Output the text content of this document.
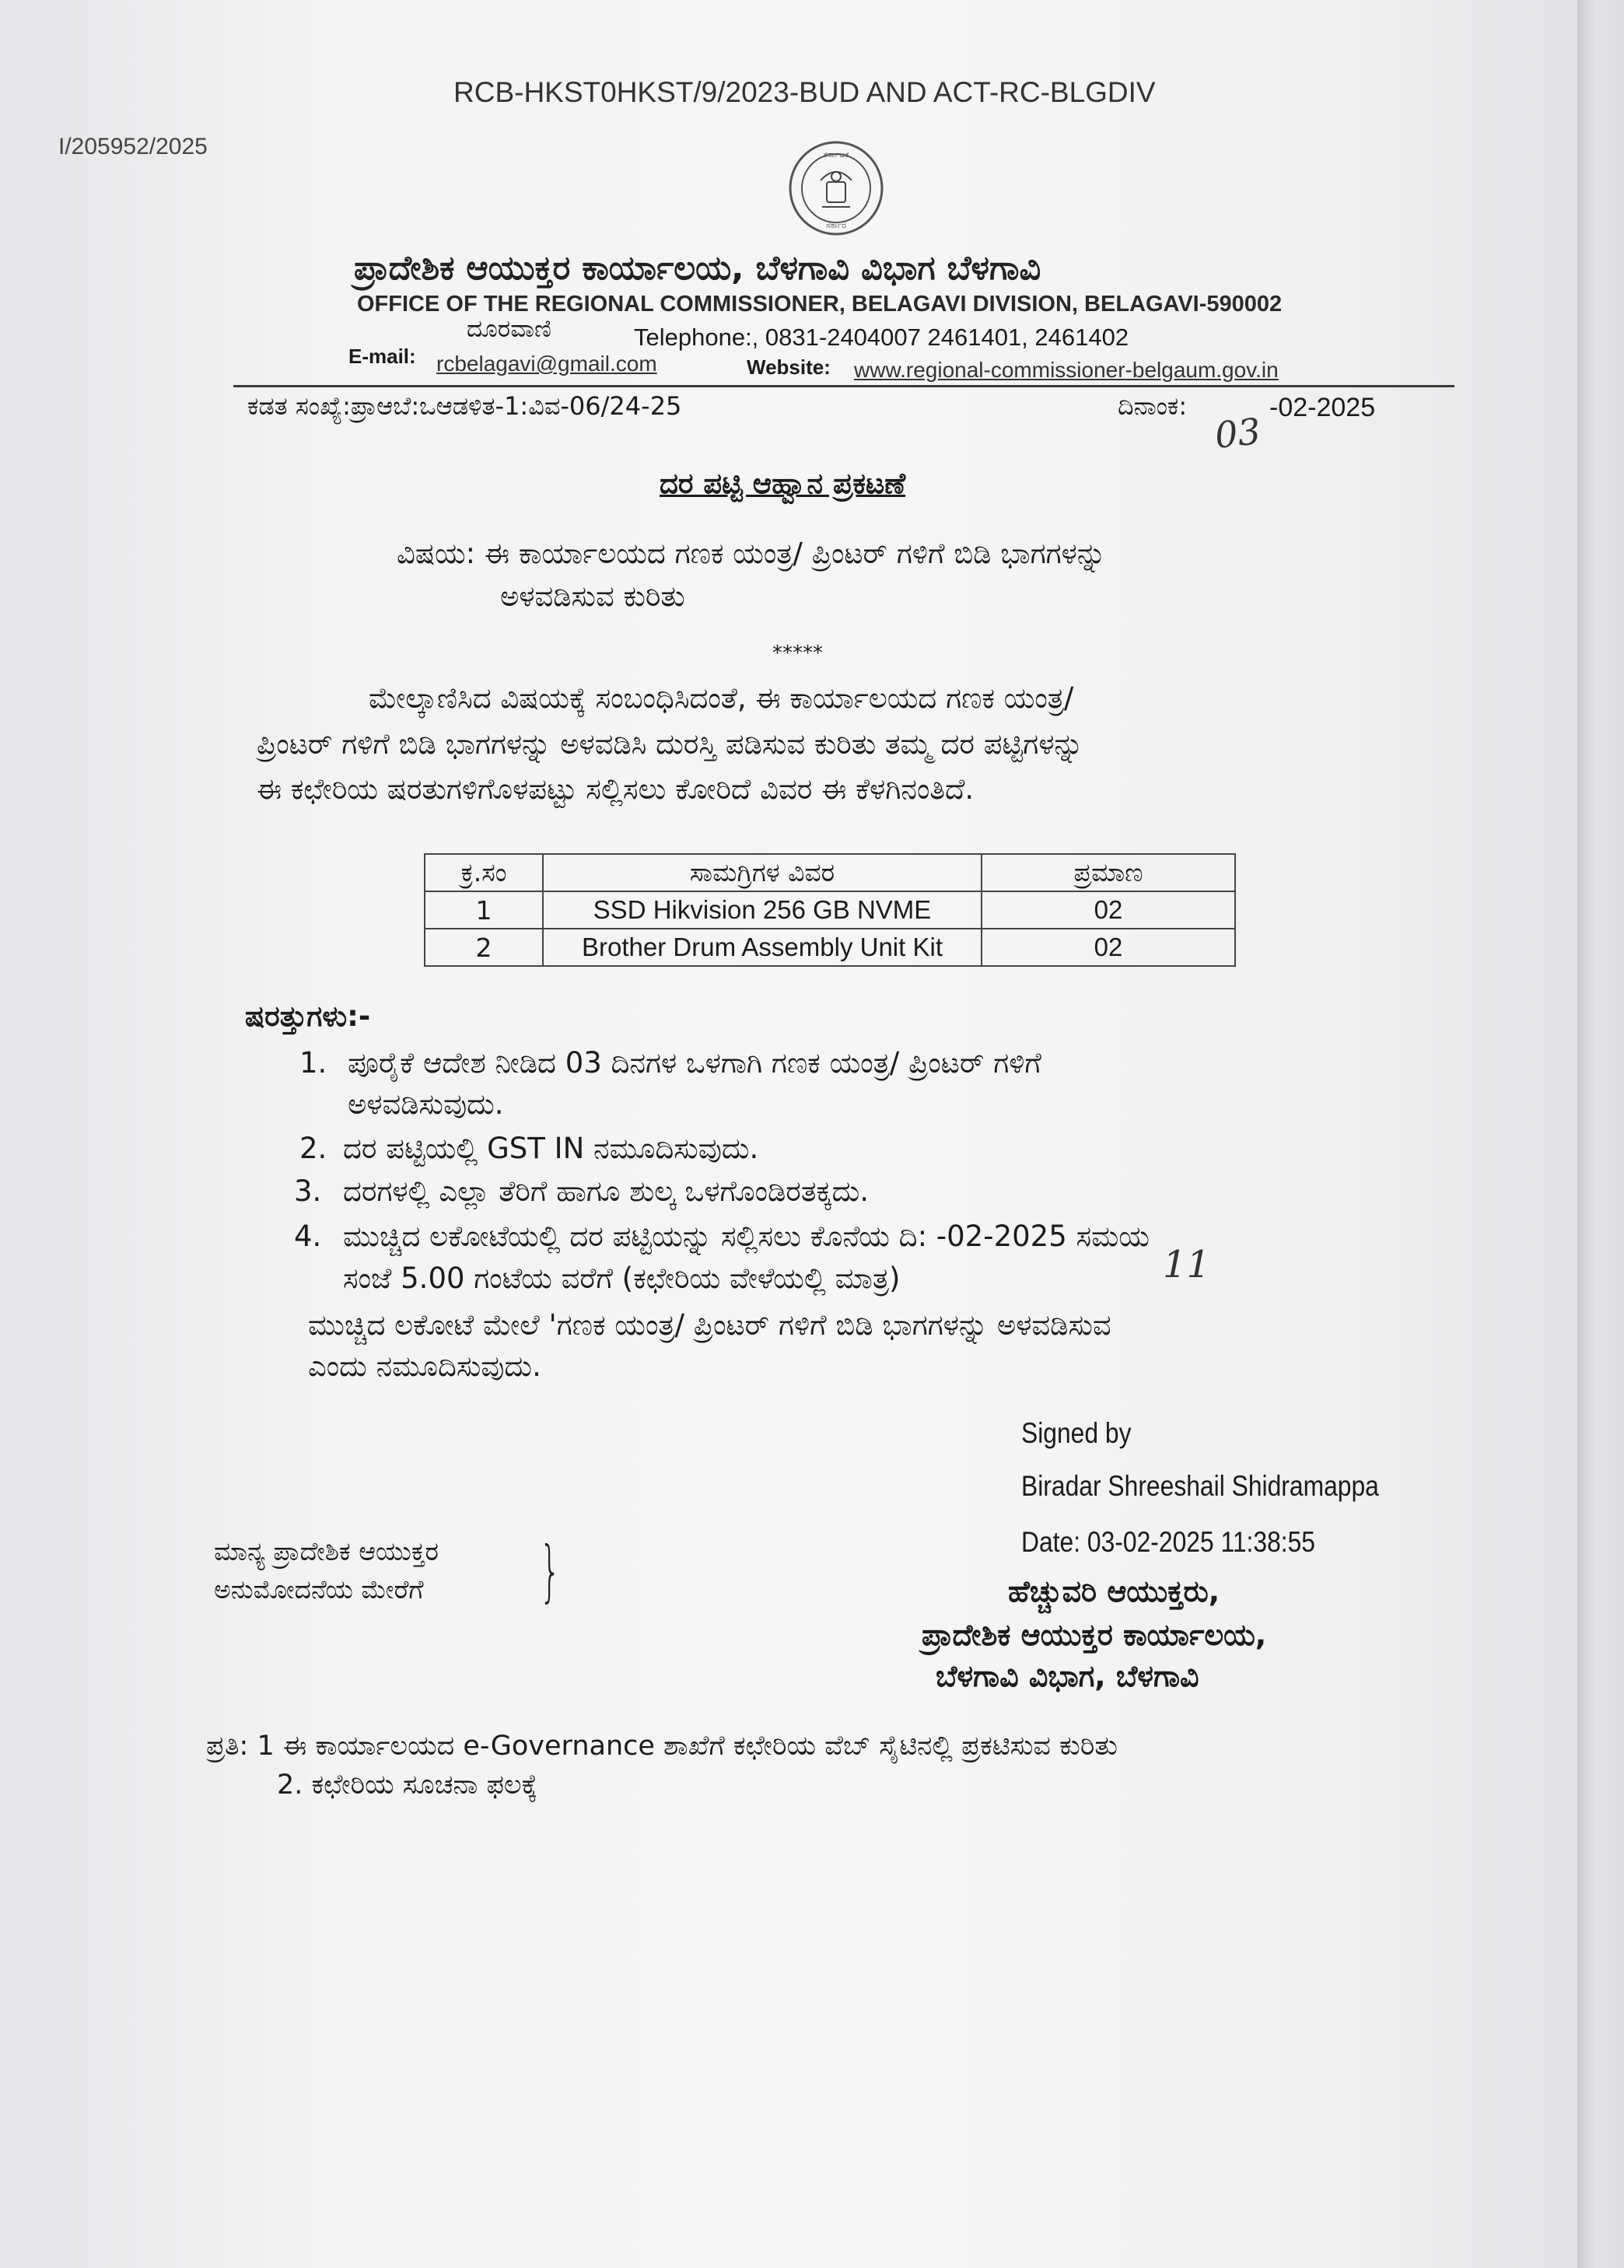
RCB-HKST0HKST/9/2023-BUD AND ACT-RC-BLGDIV
I/205952/2025	ಕರ್ನಾಟಕ
ಸರ್ಕಾರ
ಪ್ರಾದೇಶಿಕ ಆಯುಕ್ತರ ಕಾರ್ಯಾಲಯ, ಬೆಳಗಾವಿ ವಿಭಾಗ ಬೆಳಗಾವಿ
OFFICE OF THE REGIONAL COMMISSIONER, BELAGAVI DIVISION, BELAGAVI-590002
ದೂರವಾಣಿ	Telephone:, 0831-2404007 2461401, 2461402
E-mail: rcbelagavi@gmail.com	Website: www.regional-commissioner-belgaum.gov.in
ಕಡತ ಸಂಖ್ಯೆ:ಪ್ರಾಆಬೆ:ಒಆಡಳಿತ-1:ವಿವ-06/24-25	ದಿನಾಂಕ:	-02-2025
03
ದರ ಪಟ್ಟಿ ಆಹ್ವಾನ ಪ್ರಕಟಣೆ
ವಿಷಯ: ಈ ಕಾರ್ಯಾಲಯದ ಗಣಕ ಯಂತ್ರ/ ಪ್ರಿಂಟರ್ ಗಳಿಗೆ ಬಿಡಿ ಭಾಗಗಳನ್ನು
ಅಳವಡಿಸುವ ಕುರಿತು
*****
ಮೇಲ್ಕಾಣಿಸಿದ ವಿಷಯಕ್ಕೆ ಸಂಬಂಧಿಸಿದಂತೆ, ಈ ಕಾರ್ಯಾಲಯದ ಗಣಕ ಯಂತ್ರ/
ಪ್ರಿಂಟರ್ ಗಳಿಗೆ ಬಿಡಿ ಭಾಗಗಳನ್ನು ಅಳವಡಿಸಿ ದುರಸ್ತಿ ಪಡಿಸುವ ಕುರಿತು ತಮ್ಮ ದರ ಪಟ್ಟಿಗಳನ್ನು
ಈ ಕಛೇರಿಯ ಷರತುಗಳಿಗೊಳಪಟ್ಟು ಸಲ್ಲಿಸಲು ಕೋರಿದೆ ವಿವರ ಈ ಕೆಳಗಿನಂತಿದೆ.
ಕ್ರ.ಸಂ	ಸಾಮಗ್ರಿಗಳ ವಿವರ	ಪ್ರಮಾಣ
1	SSD Hikvision 256 GB NVME	02
2	Brother Drum Assembly Unit Kit	02
ಷರತ್ತುಗಳು:-
1. ಪೂರೈಕೆ ಆದೇಶ ನೀಡಿದ 03 ದಿನಗಳ ಒಳಗಾಗಿ ಗಣಕ ಯಂತ್ರ/ ಪ್ರಿಂಟರ್ ಗಳಿಗೆ
ಅಳವಡಿಸುವುದು.
2. ದರ ಪಟ್ಟಿಯಲ್ಲಿ GST IN ನಮೂದಿಸುವುದು.
3. ದರಗಳಲ್ಲಿ ಎಲ್ಲಾ ತೆರಿಗೆ ಹಾಗೂ ಶುಲ್ಕ ಒಳಗೊಂಡಿರತಕ್ಕದು.
4. ಮುಚ್ಚಿದ ಲಕೋಟೆಯಲ್ಲಿ ದರ ಪಟ್ಟಿಯನ್ನು ಸಲ್ಲಿಸಲು ಕೊನೆಯ ದಿ: -02-2025 ಸಮಯ
ಸಂಜೆ 5.00 ಗಂಟೆಯ ವರೆಗೆ (ಕಛೇರಿಯ ವೇಳೆಯಲ್ಲಿ ಮಾತ್ರ)	11
ಮುಚ್ಚಿದ ಲಕೋಟೆ ಮೇಲೆ 'ಗಣಕ ಯಂತ್ರ/ ಪ್ರಿಂಟರ್ ಗಳಿಗೆ ಬಿಡಿ ಭಾಗಗಳನ್ನು ಅಳವಡಿಸುವ
ಎಂದು ನಮೂದಿಸುವುದು.
Signed by
Biradar Shreeshail Shidramappa
Date: 03-02-2025 11:38:55
ಮಾನ್ಯ ಪ್ರಾದೇಶಿಕ ಆಯುಕ್ತರ
ಅನುಮೋದನೆಯ ಮೇರೆಗೆ }	ಹೆಚ್ಚುವರಿ ಆಯುಕ್ತರು,
ಪ್ರಾದೇಶಿಕ ಆಯುಕ್ತರ ಕಾರ್ಯಾಲಯ,
ಬೆಳಗಾವಿ ವಿಭಾಗ, ಬೆಳಗಾವಿ
ಪ್ರತಿ: 1 ಈ ಕಾರ್ಯಾಲಯದ e-Governance ಶಾಖೆಗೆ ಕಛೇರಿಯ ವೆಬ್ ಸೈಟಿನಲ್ಲಿ ಪ್ರಕಟಿಸುವ ಕುರಿತು
2. ಕಛೇರಿಯ ಸೂಚನಾ ಫಲಕ್ಕೆ
